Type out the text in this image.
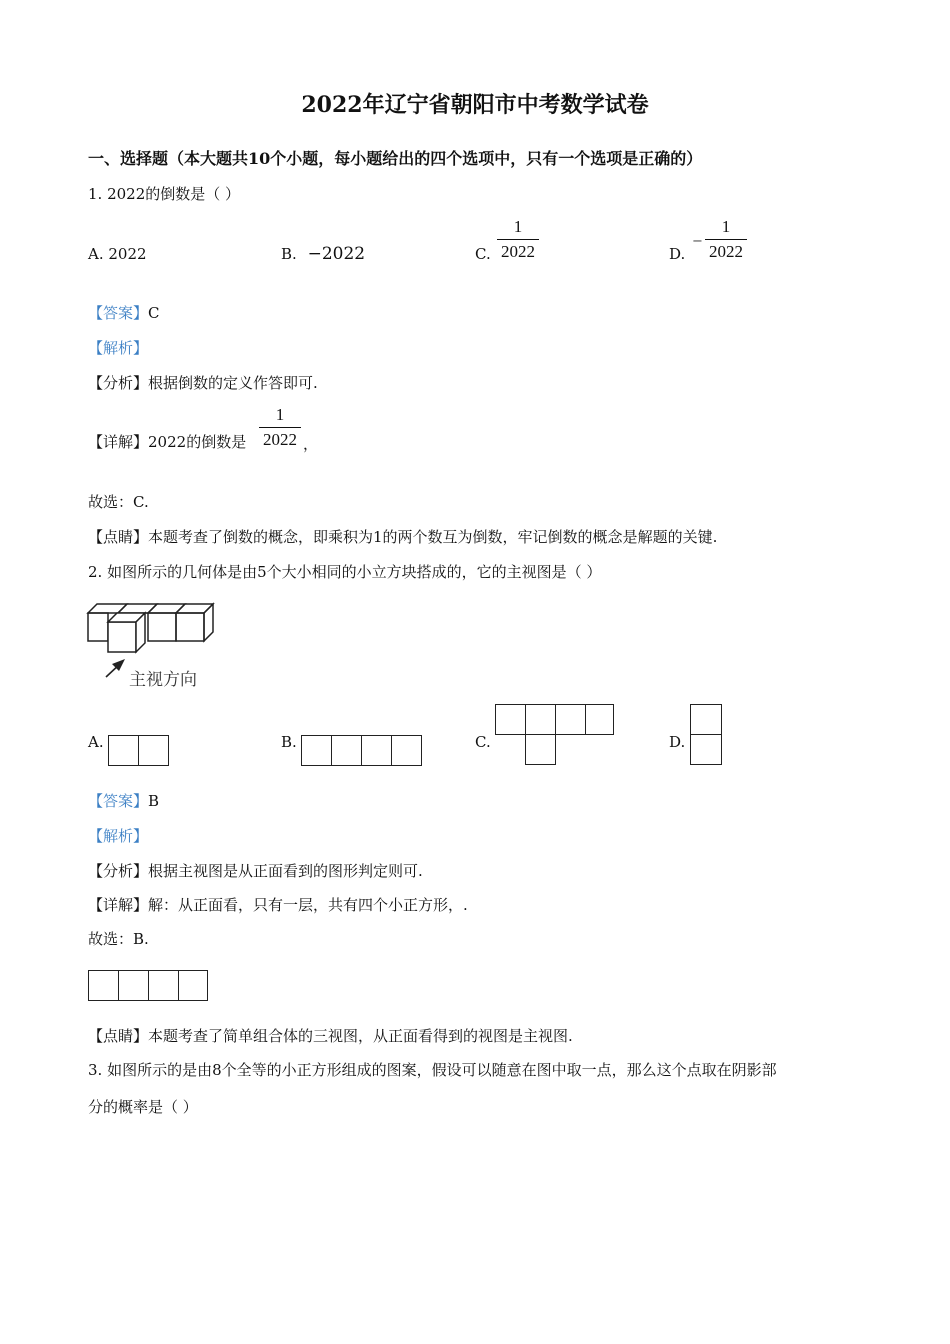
2022年辽宁省朝阳市中考数学试卷
一、选择题（本大题共10个小题，每小题给出的四个选项中，只有一个选项是正确的）
1. 2022的倒数是（ ）
A. 2022	B. −2022	C.
1
2022	D.
−
1
2022
【答案】C
【解析】
【分析】根据倒数的定义作答即可.
【详解】2022的倒数是
1
2022 ，
故选：C.
【点睛】本题考查了倒数的概念，即乘积为1的两个数互为倒数，牢记倒数的概念是解题的关键.
2. 如图所示的几何体是由5个大小相同的小立方块搭成的，它的主视图是（ ）
主视方向
A.	B.	C.	D.
【答案】B
【解析】
【分析】根据主视图是从正面看到的图形判定则可.
【详解】解：从正面看，只有一层，共有四个小正方形，.
故选：B.
【点睛】本题考查了简单组合体的三视图，从正面看得到的视图是主视图.
3. 如图所示的是由8个全等的小正方形组成的图案，假设可以随意在图中取一点，那么这个点取在阴影部
分的概率是（ ）
